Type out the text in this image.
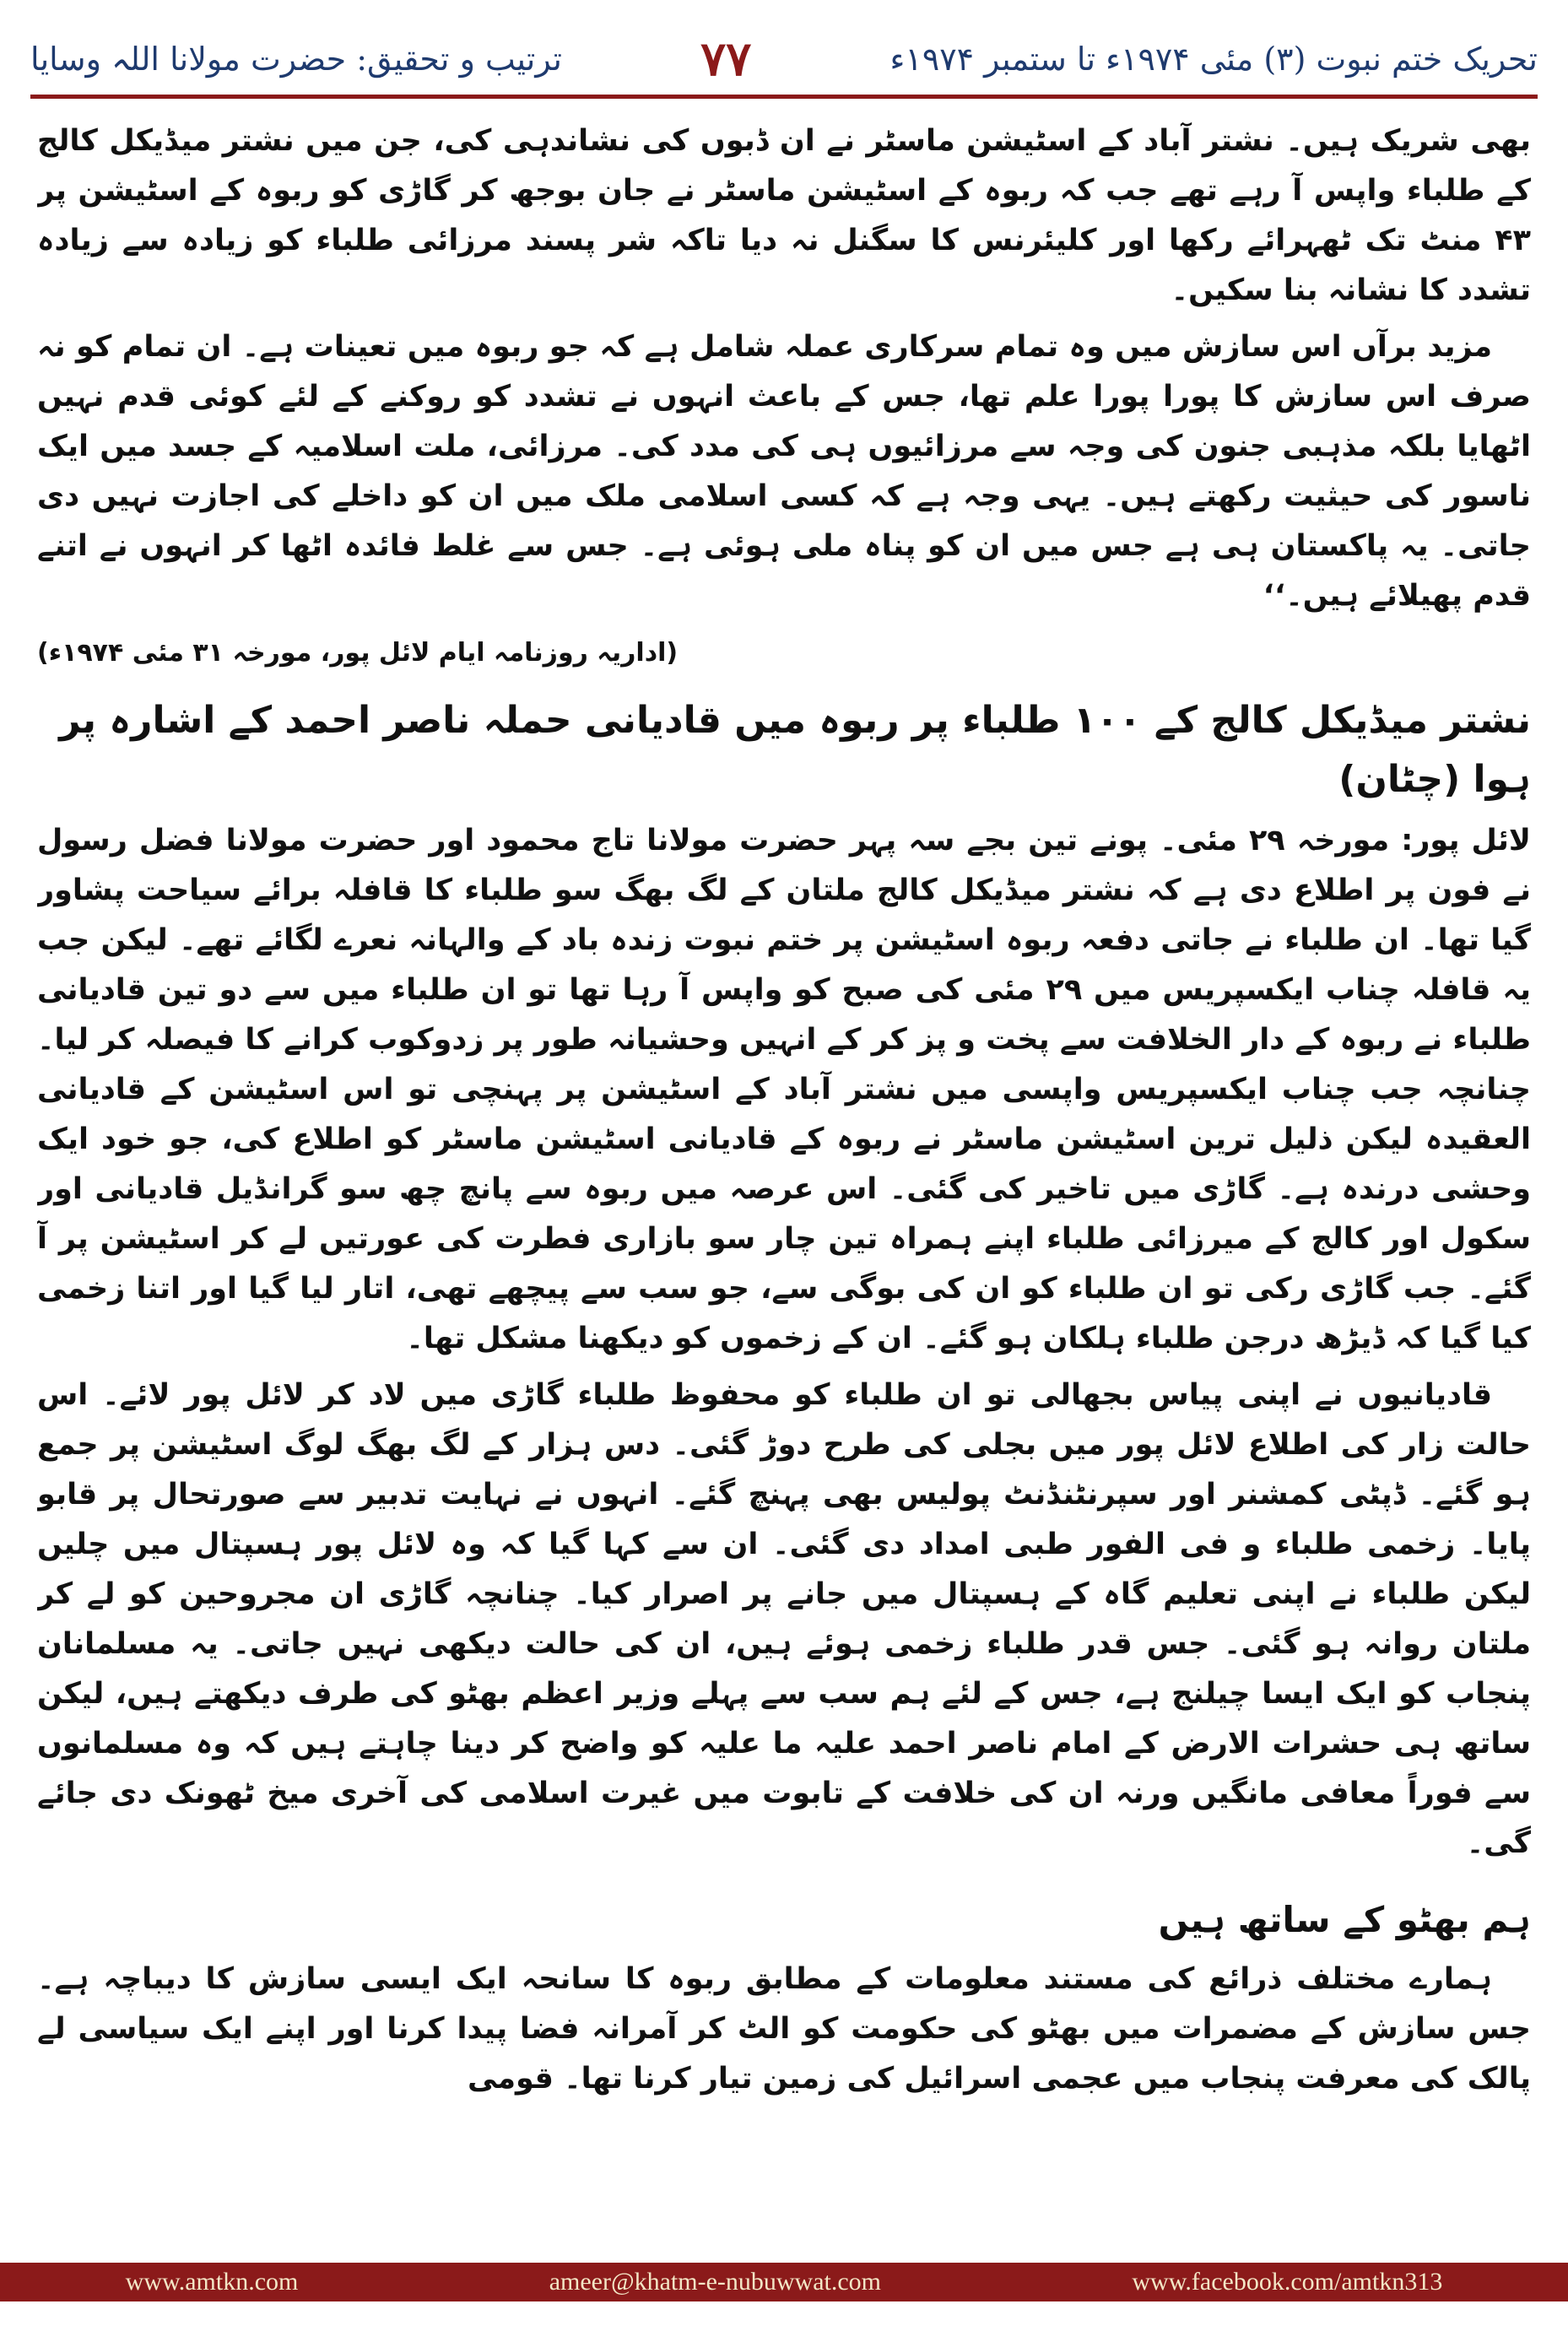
ترتیب و تحقیق: حضرت مولانا اللہ وسایا	۷۷	تحریک ختم نبوت (۳) مئی ۱۹۷۴ء تا ستمبر ۱۹۷۴ء

بھی شریک ہیں۔ نشتر آباد کے اسٹیشن ماسٹر نے ان ڈبوں کی نشاندہی کی، جن میں نشتر میڈیکل کالج کے طلباء واپس آ رہے تھے جب کہ ربوہ کے اسٹیشن ماسٹر نے جان بوجھ کر گاڑی کو ربوہ کے اسٹیشن پر ۴۳ منٹ تک ٹھہرائے رکھا اور کلیئرنس کا سگنل نہ دیا تاکہ شر پسند مرزائی طلباء کو زیادہ سے زیادہ تشدد کا نشانہ بنا سکیں۔

مزید برآں اس سازش میں وہ تمام سرکاری عملہ شامل ہے کہ جو ربوہ میں تعینات ہے۔ ان تمام کو نہ صرف اس سازش کا پورا پورا علم تھا، جس کے باعث انہوں نے تشدد کو روکنے کے لئے کوئی قدم نہیں اٹھایا بلکہ مذہبی جنون کی وجہ سے مرزائیوں ہی کی مدد کی۔ مرزائی، ملت اسلامیہ کے جسد میں ایک ناسور کی حیثیت رکھتے ہیں۔ یہی وجہ ہے کہ کسی اسلامی ملک میں ان کو داخلے کی اجازت نہیں دی جاتی۔ یہ پاکستان ہی ہے جس میں ان کو پناہ ملی ہوئی ہے۔ جس سے غلط فائدہ اٹھا کر انہوں نے اتنے قدم پھیلائے ہیں۔‘‘

(اداریہ روزنامہ ایام لائل پور، مورخہ ۳۱ مئی ۱۹۷۴ء)

نشتر میڈیکل کالج کے ۱۰۰ طلباء پر ربوہ میں قادیانی حملہ ناصر احمد کے اشارہ پر ہوا (چٹان)

لائل پور: مورخہ ۲۹ مئی۔ پونے تین بجے سہ پہر حضرت مولانا تاج محمود اور حضرت مولانا فضل رسول نے فون پر اطلاع دی ہے کہ نشتر میڈیکل کالج ملتان کے لگ بھگ سو طلباء کا قافلہ برائے سیاحت پشاور گیا تھا۔ ان طلباء نے جاتی دفعہ ربوہ اسٹیشن پر ختم نبوت زندہ باد کے والہانہ نعرے لگائے تھے۔ لیکن جب یہ قافلہ چناب ایکسپریس میں ۲۹ مئی کی صبح کو واپس آ رہا تھا تو ان طلباء میں سے دو تین قادیانی طلباء نے ربوہ کے دار الخلافت سے پخت و پز کر کے انہیں وحشیانہ طور پر زدوکوب کرانے کا فیصلہ کر لیا۔ چنانچہ جب چناب ایکسپریس واپسی میں نشتر آباد کے اسٹیشن پر پہنچی تو اس اسٹیشن کے قادیانی العقیدہ لیکن ذلیل ترین اسٹیشن ماسٹر نے ربوہ کے قادیانی اسٹیشن ماسٹر کو اطلاع کی، جو خود ایک وحشی درندہ ہے۔ گاڑی میں تاخیر کی گئی۔ اس عرصہ میں ربوہ سے پانچ چھ سو گرانڈیل قادیانی اور سکول اور کالج کے میرزائی طلباء اپنے ہمراہ تین چار سو بازاری فطرت کی عورتیں لے کر اسٹیشن پر آ گئے۔ جب گاڑی رکی تو ان طلباء کو ان کی بوگی سے، جو سب سے پیچھے تھی، اتار لیا گیا اور اتنا زخمی کیا گیا کہ ڈیڑھ درجن طلباء ہلکان ہو گئے۔ ان کے زخموں کو دیکھنا مشکل تھا۔

قادیانیوں نے اپنی پیاس بجھالی تو ان طلباء کو محفوظ طلباء گاڑی میں لاد کر لائل پور لائے۔ اس حالت زار کی اطلاع لائل پور میں بجلی کی طرح دوڑ گئی۔ دس ہزار کے لگ بھگ لوگ اسٹیشن پر جمع ہو گئے۔ ڈپٹی کمشنر اور سپرنٹنڈنٹ پولیس بھی پہنچ گئے۔ انہوں نے نہایت تدبیر سے صورتحال پر قابو پایا۔ زخمی طلباء و فی الفور طبی امداد دی گئی۔ ان سے کہا گیا کہ وہ لائل پور ہسپتال میں چلیں لیکن طلباء نے اپنی تعلیم گاہ کے ہسپتال میں جانے پر اصرار کیا۔ چنانچہ گاڑی ان مجروحین کو لے کر ملتان روانہ ہو گئی۔ جس قدر طلباء زخمی ہوئے ہیں، ان کی حالت دیکھی نہیں جاتی۔ یہ مسلمانان پنجاب کو ایک ایسا چیلنج ہے، جس کے لئے ہم سب سے پہلے وزیر اعظم بھٹو کی طرف دیکھتے ہیں، لیکن ساتھ ہی حشرات الارض کے امام ناصر احمد علیہ ما علیہ کو واضح کر دینا چاہتے ہیں کہ وہ مسلمانوں سے فوراً معافی مانگیں ورنہ ان کی خلافت کے تابوت میں غیرت اسلامی کی آخری میخ ٹھونک دی جائے گی۔

ہم بھٹو کے ساتھ ہیں

ہمارے مختلف ذرائع کی مستند معلومات کے مطابق ربوہ کا سانحہ ایک ایسی سازش کا دیباچہ ہے۔ جس سازش کے مضمرات میں بھٹو کی حکومت کو الٹ کر آمرانہ فضا پیدا کرنا اور اپنے ایک سیاسی لے پالک کی معرفت پنجاب میں عجمی اسرائیل کی زمین تیار کرنا تھا۔ قومی

www.amtkn.com	ameer@khatm-e-nubuwwat.com	www.facebook.com/amtkn313
